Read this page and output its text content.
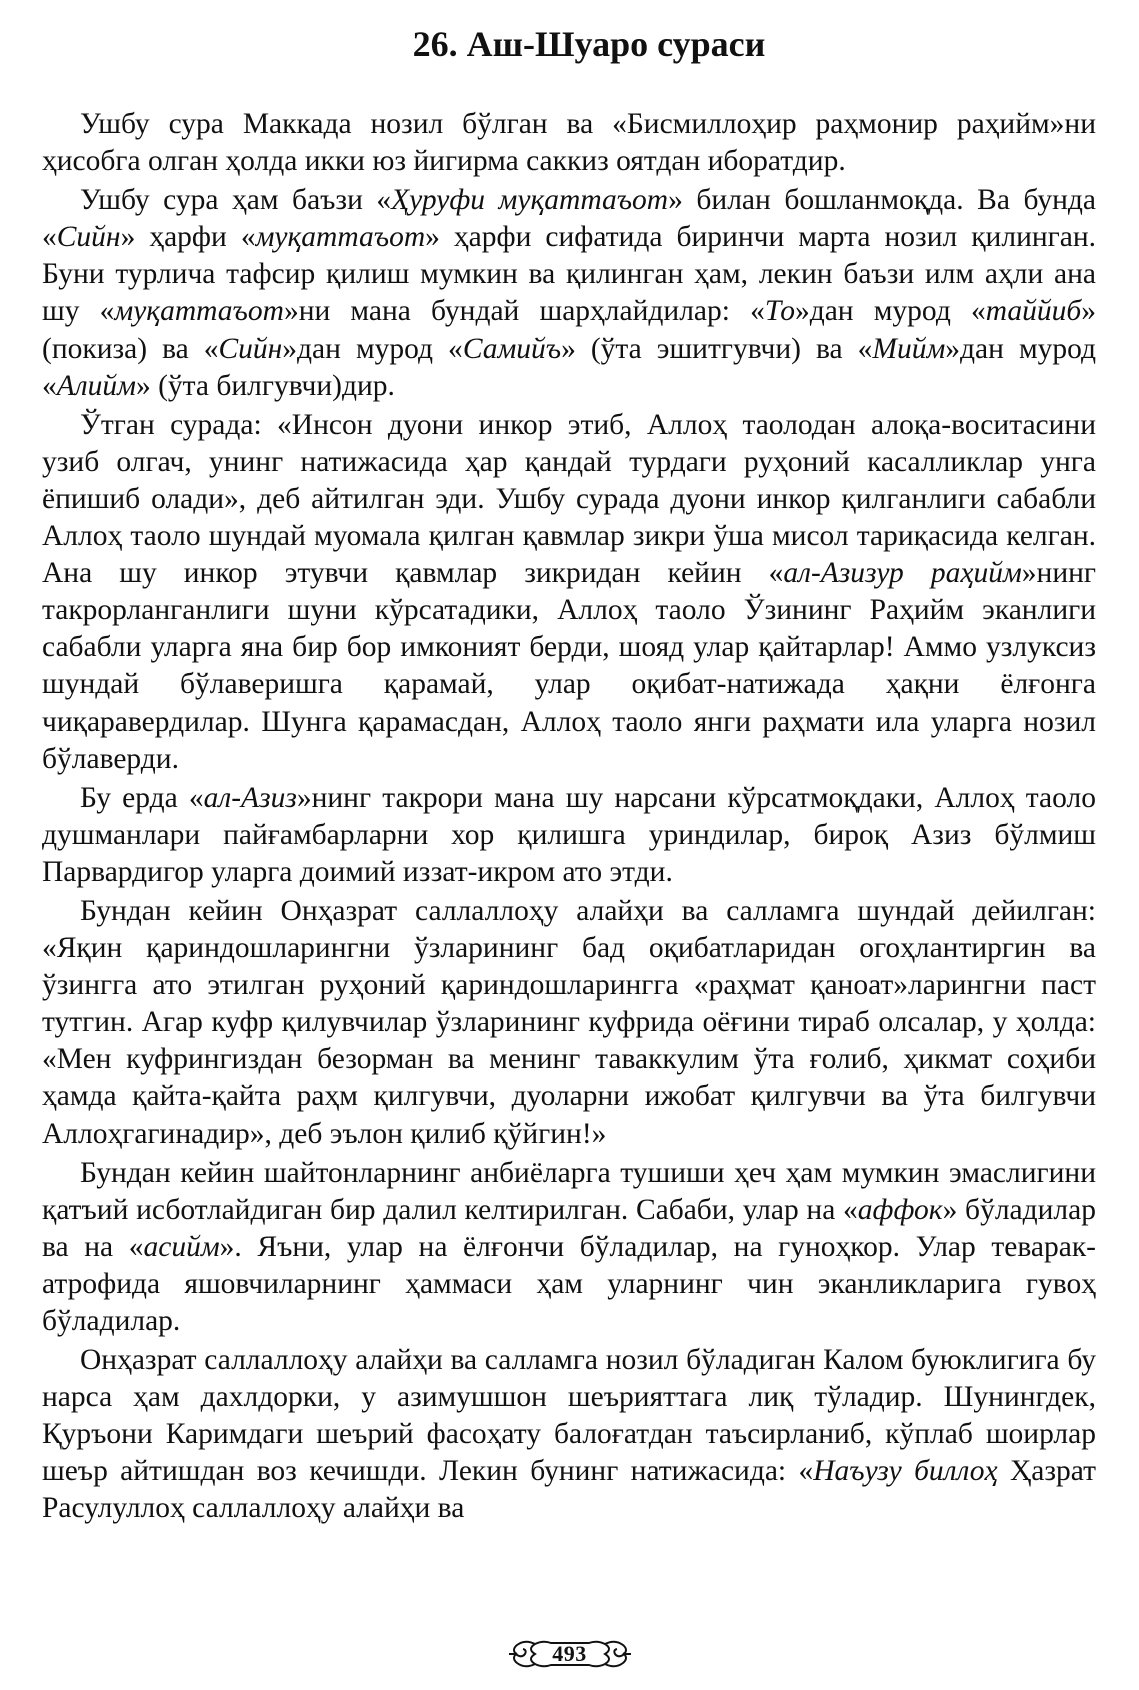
26. Аш-Шуаро сураси

Ушбу сура Маккада нозил бўлган ва «Бисмиллоҳир раҳмонир раҳийм»ни ҳисобга олган ҳолда икки юз йигирма саккиз оятдан иборатдир.

Ушбу сура ҳам баъзи «Ҳуруфи муқаттаъот» билан бошланмоқда. Ва бунда «Сийн» ҳарфи «муқаттаъот» ҳарфи сифатида биринчи марта нозил қилинган. Буни турлича тафсир қилиш мумкин ва қилинган ҳам, лекин баъзи илм аҳли ана шу «муқаттаъот»ни мана бундай шарҳлайдилар: «То»дан мурод «таййиб» (покиза) ва «Сийн»дан мурод «Самийъ» (ўта эшитгувчи) ва «Мийм»дан мурод «Алийм» (ўта билгувчи)дир.

Ўтган сурада: «Инсон дуони инкор этиб, Аллоҳ таолодан алоқа-воситасини узиб олгач, унинг натижасида ҳар қандай турдаги руҳоний касалликлар унга ёпишиб олади», деб айтилган эди. Ушбу сурада дуони инкор қилганлиги сабабли Аллоҳ таоло шундай муомала қилган қавмлар зикри ўша мисол тариқасида келган. Ана шу инкор этувчи қавмлар зикридан кейин «ал-Азизур раҳийм»нинг такрорланганлиги шуни кўрсатадики, Аллоҳ таоло Ўзининг Раҳийм эканлиги сабабли уларга яна бир бор имконият берди, шояд улар қайтарлар! Аммо узлуксиз шундай бўлаверишга қарамай, улар оқибат-натижада ҳақни ёлғонга чиқаравердилар. Шунга қарамасдан, Аллоҳ таоло янги раҳмати ила уларга нозил бўлаверди.

Бу ерда «ал-Азиз»нинг такрори мана шу нарсани кўрсатмоқдаки, Аллоҳ таоло душманлари пайғамбарларни хор қилишга уриндилар, бироқ Азиз бўлмиш Парвардигор уларга доимий иззат-икром ато этди.

Бундан кейин Онҳазрат саллаллоҳу алайҳи ва салламга шундай дейилган: «Яқин қариндошларингни ўзларининг бад оқибатларидан огоҳлантиргин ва ўзингга ато этилган руҳоний қариндошларингга «раҳмат қаноат»ларингни паст тутгин. Агар куфр қилувчилар ўзларининг куфрида оёғини тираб олсалар, у ҳолда: «Мен куфрингиздан безорман ва менинг таваккулим ўта ғолиб, ҳикмат соҳиби ҳамда қайта-қайта раҳм қилгувчи, дуоларни ижобат қилгувчи ва ўта билгувчи Аллоҳгагинадир», деб эълон қилиб қўйгин!»

Бундан кейин шайтонларнинг анбиёларга тушиши ҳеч ҳам мумкин эмаслигини қатъий исботлайдиган бир далил келтирилган. Сабаби, улар на «аффок» бўладилар ва на «асийм». Яъни, улар на ёлғончи бўладилар, на гуноҳкор. Улар теварак-атрофида яшовчиларнинг ҳаммаси ҳам уларнинг чин эканликларига гувоҳ бўладилар.

Онҳазрат саллаллоҳу алайҳи ва салламга нозил бўладиган Калом буюклигига бу нарса ҳам дахлдорки, у азимушшон шеърияттага лиқ тўладир. Шунингдек, Қуръони Каримдаги шеърий фасоҳату балоғатдан таъсирланиб, кўплаб шоирлар шеър айтишдан воз кечишди. Лекин бунинг натижасида: «Наъузу биллоҳ Ҳазрат Расулуллоҳ саллаллоҳу алайҳи ва

493
